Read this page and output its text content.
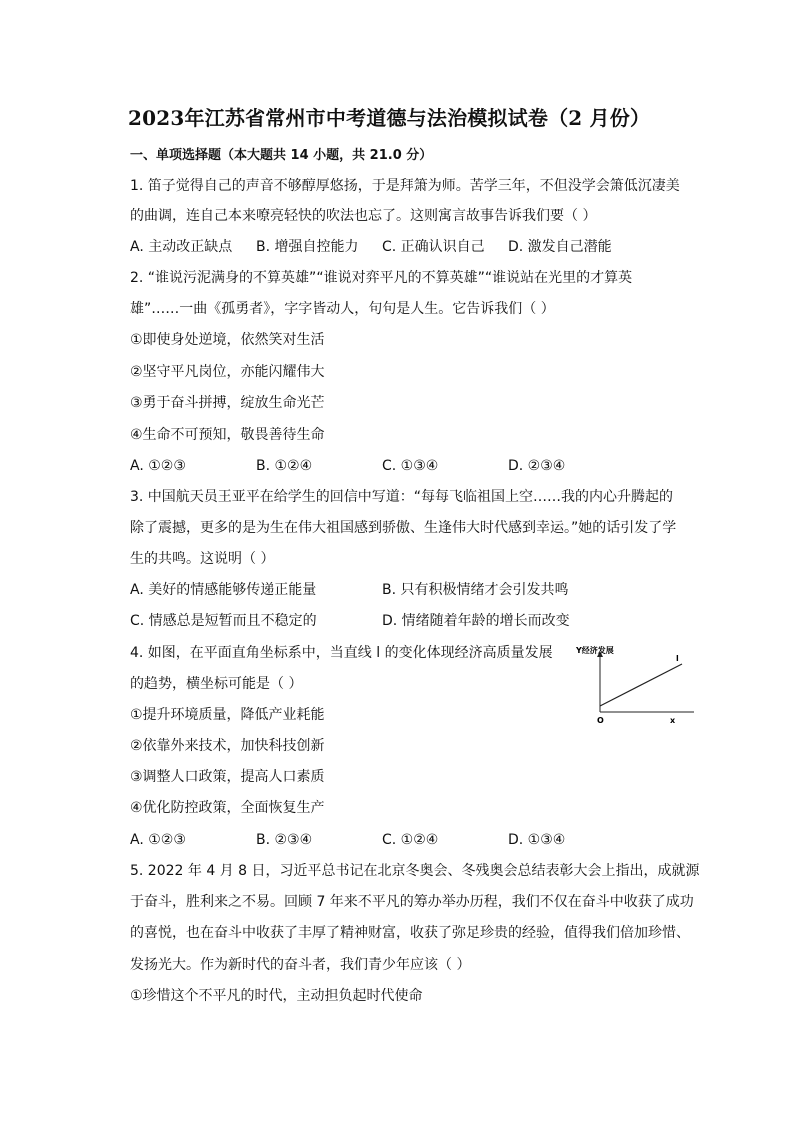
2023年江苏省常州市中考道德与法治模拟试卷（2 月份）
一、单项选择题（本大题共 14 小题，共 21.0 分）
1. 笛子觉得自己的声音不够醇厚悠扬，于是拜箫为师。苦学三年，不但没学会箫低沉凄美
的曲调，连自己本来嘹亮轻快的吹法也忘了。这则寓言故事告诉我们要（ ）
A. 主动改正缺点 B. 增强自控能力 C. 正确认识自己 D. 激发自己潜能
2. “谁说污泥满身的不算英雄”“谁说对弈平凡的不算英雄”“谁说站在光里的才算英
雄”……一曲《孤勇者》，字字皆动人，句句是人生。它告诉我们（ ）
①即使身处逆境，依然笑对生活
②坚守平凡岗位，亦能闪耀伟大
③勇于奋斗拼搏，绽放生命光芒
④生命不可预知，敬畏善待生命
A. ①②③	B. ①②④	C. ①③④	D. ②③④
3. 中国航天员王亚平在给学生的回信中写道：“每每飞临祖国上空……我的内心升腾起的
除了震撼，更多的是为生在伟大祖国感到骄傲、生逢伟大时代感到幸运。”她的话引发了学
生的共鸣。这说明（ ）
A. 美好的情感能够传递正能量	B. 只有积极情绪才会引发共鸣
C. 情感总是短暂而且不稳定的	D. 情绪随着年龄的增长而改变
4. 如图，在平面直角坐标系中，当直线 l 的变化体现经济高质量发展
的趋势，横坐标可能是（ ）
①提升环境质量，降低产业耗能
②依靠外来技术，加快科技创新
③调整人口政策，提高人口素质
④优化防控政策，全面恢复生产
A. ①②③	B. ②③④	C. ①②④	D. ①③④
Y经济发展
l
O	x
5. 2022 年 4 月 8 日，习近平总书记在北京冬奥会、冬残奥会总结表彰大会上指出，成就源
于奋斗，胜利来之不易。回顾 7 年来不平凡的筹办举办历程，我们不仅在奋斗中收获了成功
的喜悦，也在奋斗中收获了丰厚了精神财富，收获了弥足珍贵的经验，值得我们倍加珍惜、
发扬光大。作为新时代的奋斗者，我们青少年应该（ ）
①珍惜这个不平凡的时代，主动担负起时代使命
